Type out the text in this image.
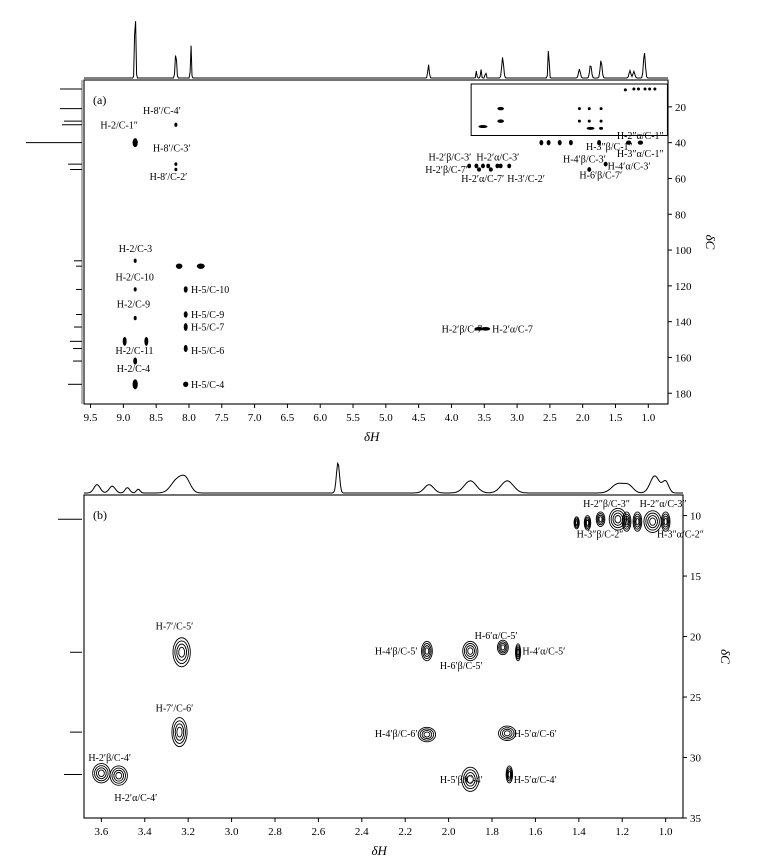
(a)
9.5 9.0 8.5 8.0 7.5 7.0 6.5 6.0 5.5 5.0 4.5 4.0 3.5 3.0 2.5 2.0 1.5 1.0
20
40
60
80
100
120
140
160
180
δH
δC
H-8′/C-4′
H-2/C-1″
H-8′/C-3′
H-8′/C-2′
H-2/C-3
H-2/C-10
H-5/C-10
H-2/C-9
H-5/C-9
H-5/C-7
H-2/C-11	H-5/C-6
H-2/C-4
H-5/C-4
H-2′β/C-7 H-2′α/C-7
H-2′β/C-3′ H-2′α/C-3′
H-2′β/C-7′
H-2′α/C-7′ H-3′/C-2′
H-4′β/C-3′
H-3″β/C-1″
H-2″α/C-1″
H-3″α/C-1″
H-4′α/C-3′
H-6′β/C-7′
(b)
3.6	3.4	3.2	3.0	2.8	2.6	2.4	2.2	2.0	1.8	1.6	1.4	1.2	1.0
10
15
20
25
30
35
δH
δC
H-2″β/C-3″ H-2″α/C-3″
H-3″β/C-2″	H-3″α/C-2″
H-7′/C-5′
H-6′α/C-5′
H-4′β/C-5′	H-4′α/C-5′
H-6′β/C-5′
H-7′/C-6′
H-4′β/C-6′	H-5′α/C-6′
H-2′β/C-4′
H-5′β/C-4′	H-5′α/C-4′
H-2′α/C-4′
